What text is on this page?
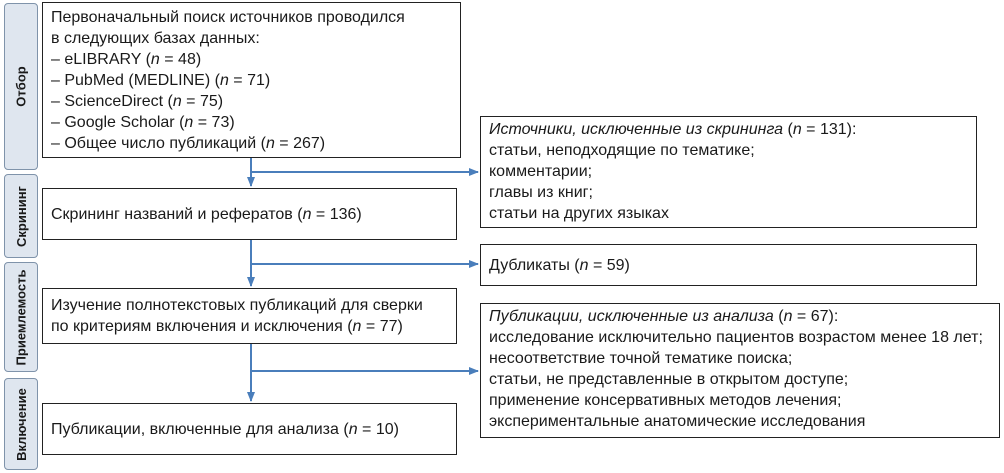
Отбор
Скрининг
Приемлемость
Включение
Первоначальный поиск источников проводился
в следующих базах данных:
– eLIBRARY (n = 48)
– PubMed (MEDLINE) (n = 71)
– ScienceDirect (n = 75)
– Google Scholar (n = 73)
– Общее число публикаций (n = 267)
Скрининг названий и рефератов (n = 136)
Изучение полнотекстовых публикаций для сверки
по критериям включения и исключения (n = 77)
Публикации, включенные для анализа (n = 10)
Источники, исключенные из скрининга (n = 131):
статьи, неподходящие по тематике;
комментарии;
главы из книг;
статьи на других языках
Дубликаты (n = 59)
Публикации, исключенные из анализа (n = 67):
исследование исключительно пациентов возрастом менее 18 лет;
несоответствие точной тематике поиска;
статьи, не представленные в открытом доступе;
применение консервативных методов лечения;
экспериментальные анатомические исследования
